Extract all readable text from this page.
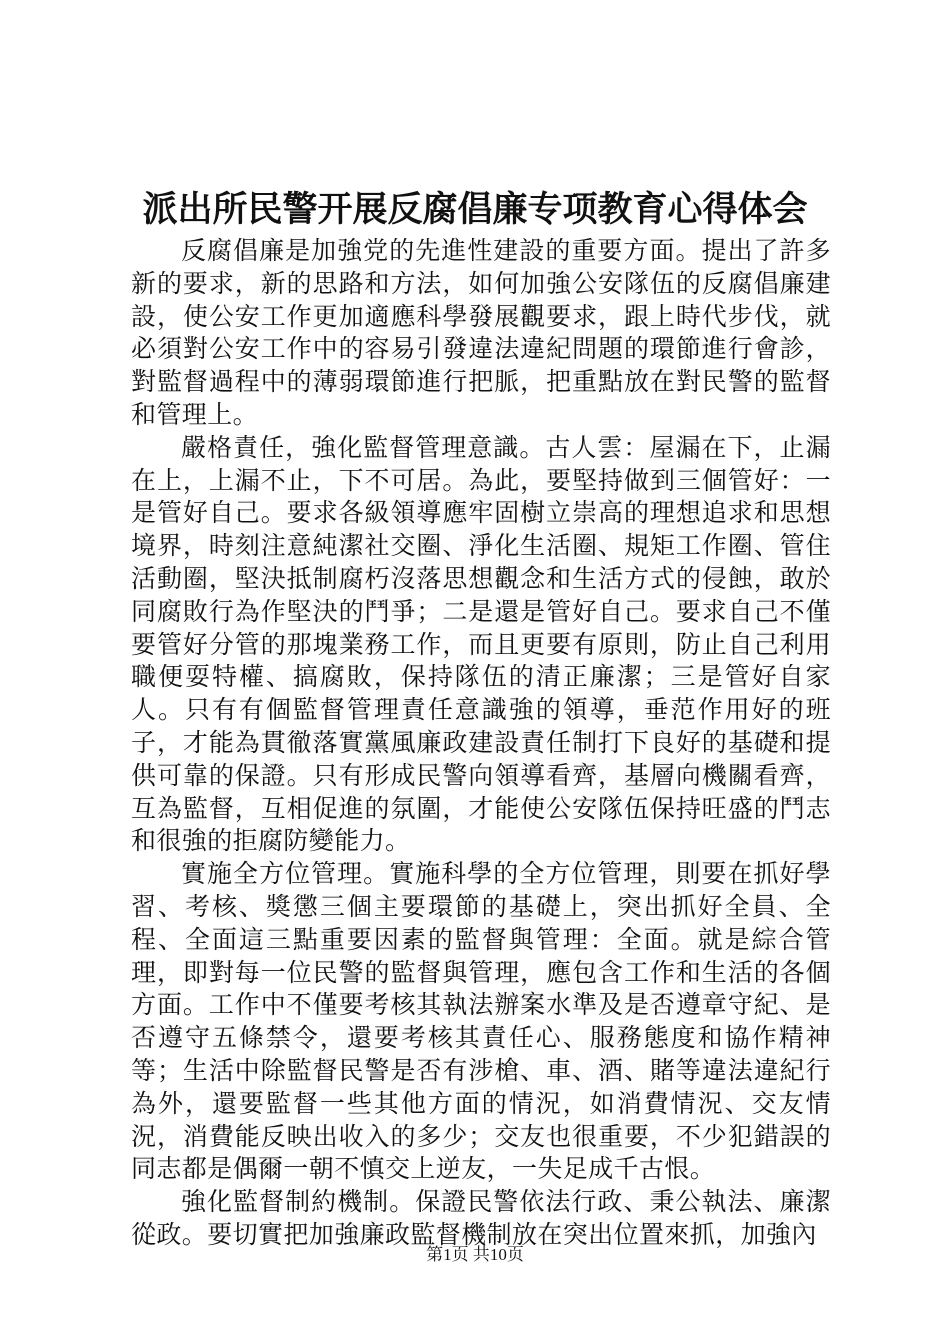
派出所民警开展反腐倡廉专项教育心得体会

反腐倡廉是加強党的先進性建設的重要方面。提出了許多新的要求，新的思路和方法，如何加強公安隊伍的反腐倡廉建設，使公安工作更加適應科學發展觀要求，跟上時代步伐，就必須對公安工作中的容易引發違法違紀問題的環節進行會診，對監督過程中的薄弱環節進行把脈，把重點放在對民警的監督和管理上。

嚴格責任，強化監督管理意識。古人雲：屋漏在下，止漏在上，上漏不止，下不可居。為此，要堅持做到三個管好：一是管好自己。要求各級領導應牢固樹立崇高的理想追求和思想境界，時刻注意純潔社交圈、淨化生活圈、規矩工作圈、管住活動圈，堅決抵制腐朽沒落思想觀念和生活方式的侵蝕，敢於同腐敗行為作堅決的鬥爭；二是還是管好自己。要求自己不僅要管好分管的那塊業務工作，而且更要有原則，防止自己利用職便耍特權、搞腐敗，保持隊伍的清正廉潔；三是管好自家人。只有有個監督管理責任意識強的領導，垂范作用好的班子，才能為貫徹落實黨風廉政建設責任制打下良好的基礎和提供可靠的保證。只有形成民警向領導看齊，基層向機關看齊，互為監督，互相促進的氛圍，才能使公安隊伍保持旺盛的鬥志和很強的拒腐防變能力。

實施全方位管理。實施科學的全方位管理，則要在抓好學習、考核、獎懲三個主要環節的基礎上，突出抓好全員、全程、全面這三點重要因素的監督與管理：全面。就是綜合管理，即對每一位民警的監督與管理，應包含工作和生活的各個方面。工作中不僅要考核其執法辦案水準及是否遵章守紀、是否遵守五條禁令，還要考核其責任心、服務態度和協作精神等；生活中除監督民警是否有涉槍、車、酒、賭等違法違紀行為外，還要監督一些其他方面的情況，如消費情況、交友情況，消費能反映出收入的多少；交友也很重要，不少犯錯誤的同志都是偶爾一朝不慎交上逆友，一失足成千古恨。

強化監督制約機制。保證民警依法行政、秉公執法、廉潔從政。要切實把加強廉政監督機制放在突出位置來抓，加強內

第1页 共10页
